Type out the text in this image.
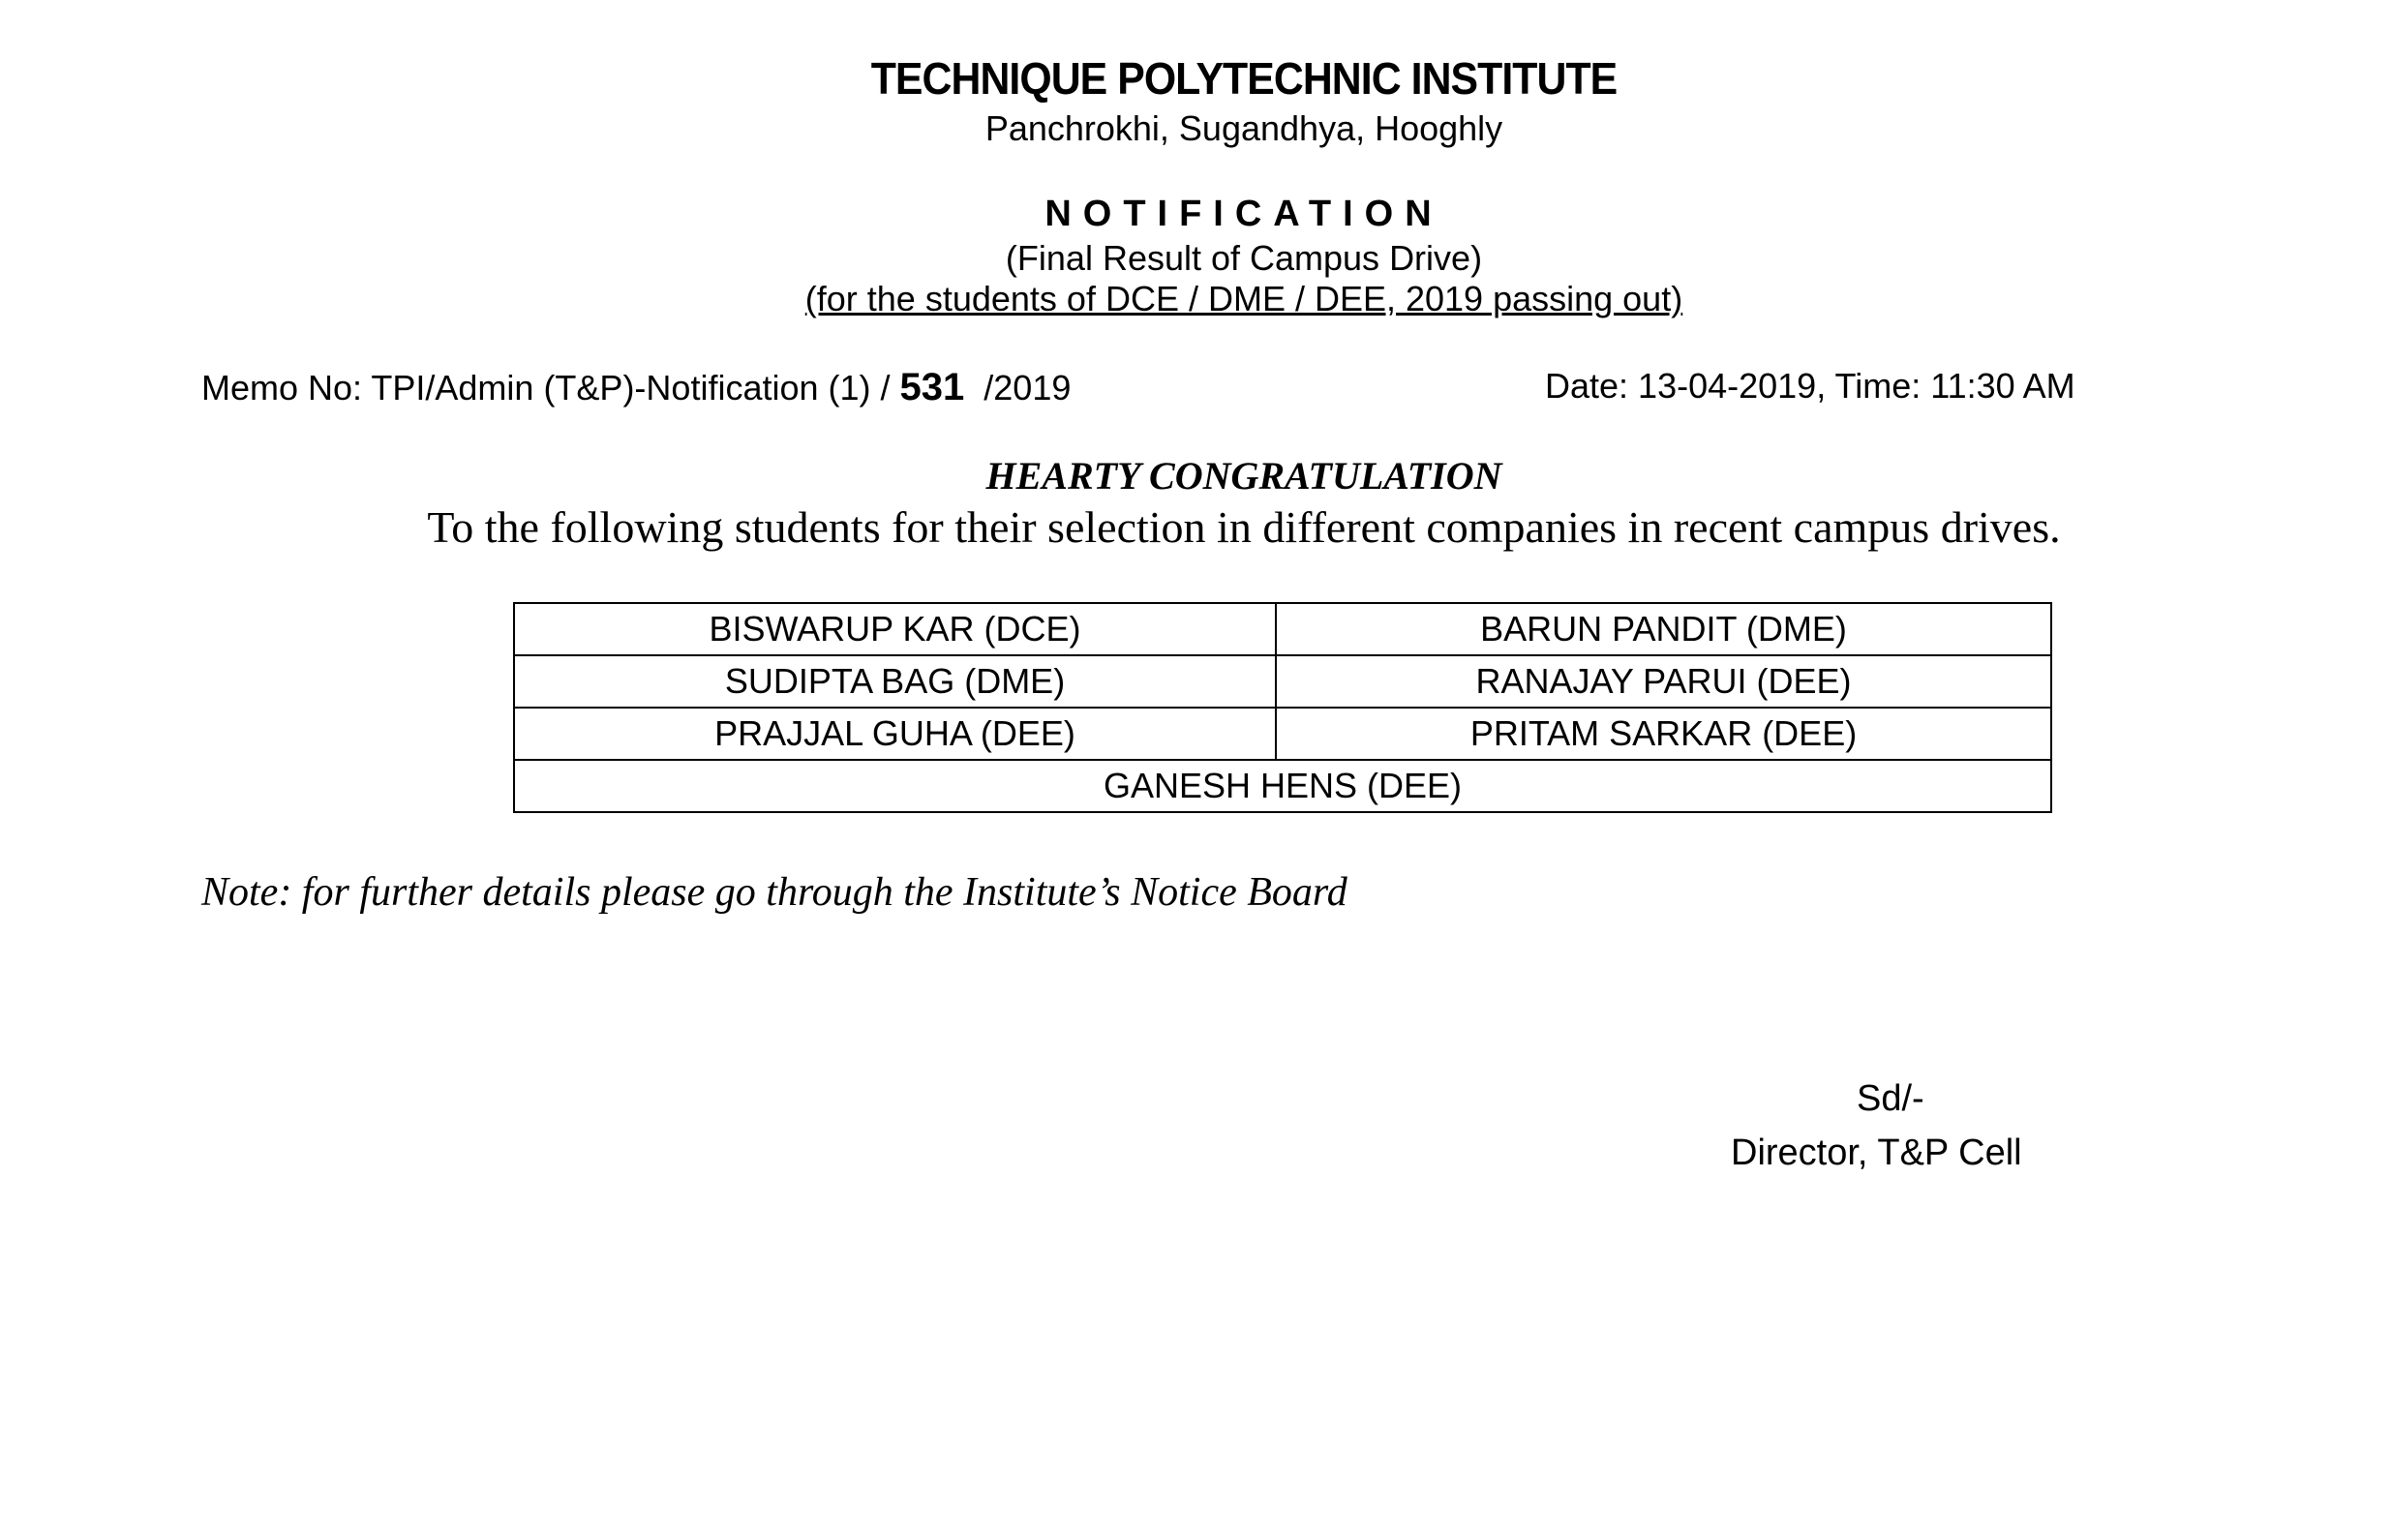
TECHNIQUE POLYTECHNIC INSTITUTE
Panchrokhi, Sugandhya, Hooghly
NOTIFICATION
(Final Result of Campus Drive)
(for the students of DCE / DME / DEE, 2019 passing out)
Memo No: TPI/Admin (T&P)-Notification (1) / 531  /2019	Date: 13-04-2019, Time: 11:30 AM
HEARTY CONGRATULATION
To the following students for their selection in different companies in recent campus drives.
BISWARUP KAR (DCE)	BARUN PANDIT (DME)
SUDIPTA BAG (DME)	RANAJAY PARUI (DEE)
PRAJJAL GUHA (DEE)	PRITAM SARKAR (DEE)
GANESH HENS (DEE)	
Note: for further details please go through the Institute’s Notice Board
Sd/-
Director, T&P Cell
